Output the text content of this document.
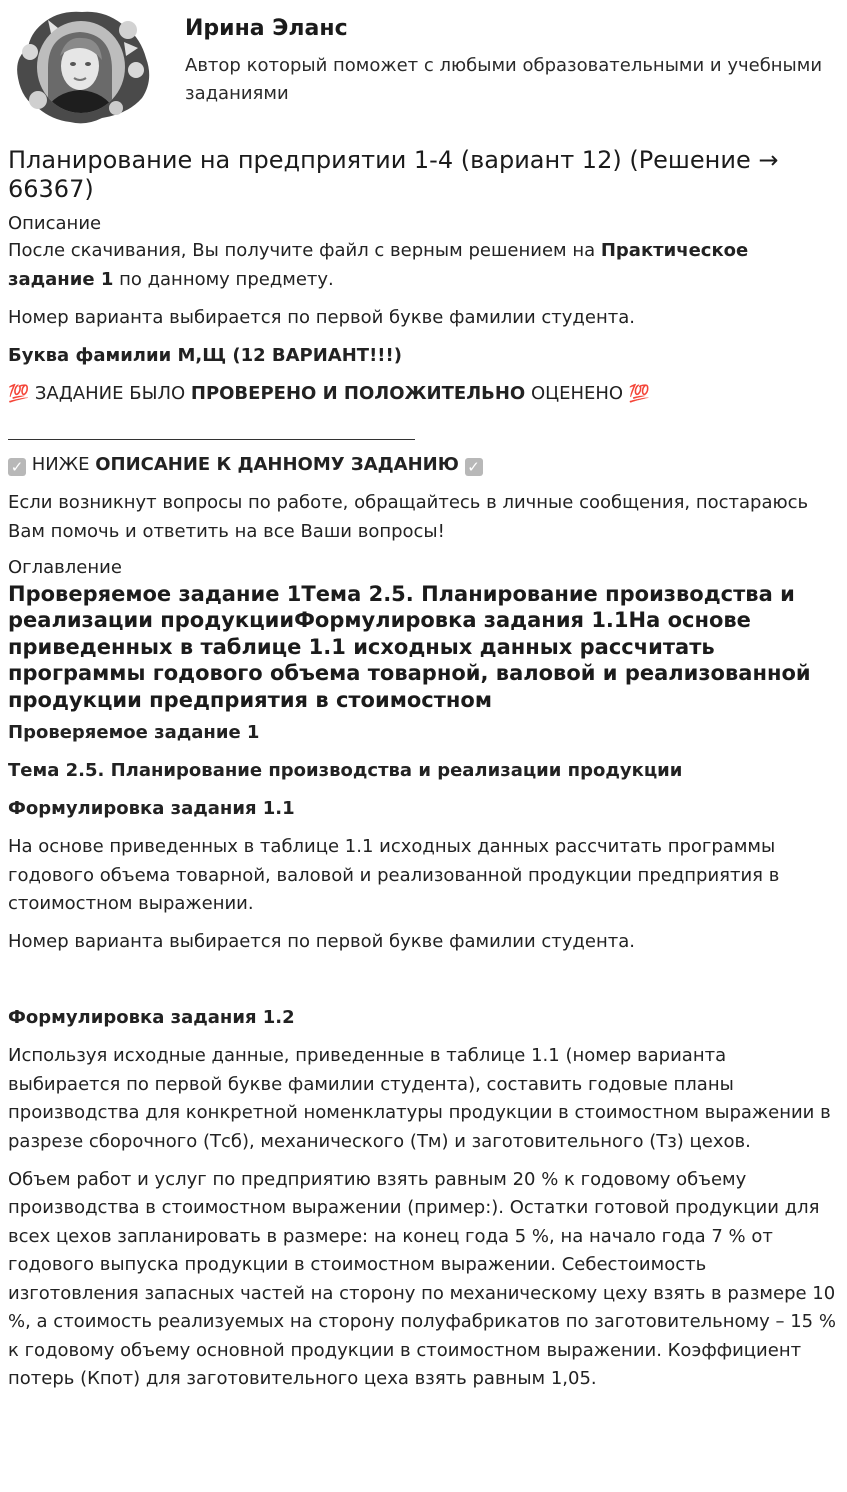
Ирина Эланс

Автор который поможет с любыми образовательными и учебными заданиями

Планирование на предприятии 1-4 (вариант 12) (Решение → 66367)
Описание

После скачивания, Вы получите файл с верным решением на Практическое задание 1 по данному предмету.

Номер варианта выбирается по первой букве фамилии студента.

Буква фамилии М,Щ (12 ВАРИАНТ!!!)

💯 ЗАДАНИЕ БЫЛО ПРОВЕРЕНО И ПОЛОЖИТЕЛЬНО ОЦЕНЕНО 💯

✓ НИЖЕ ОПИСАНИЕ К ДАННОМУ ЗАДАНИЮ ✓

Если возникнут вопросы по работе, обращайтесь в личные сообщения, постараюсь Вам помочь и ответить на все Ваши вопросы!

Оглавление
Проверяемое задание 1Тема 2.5. Планирование производства и реализации продукцииФормулировка задания 1.1На основе приведенных в таблице 1.1 исходных данных рассчитать программы годового объема товарной, валовой и реализованной продукции предприятия в стоимостном

Проверяемое задание 1

Тема 2.5. Планирование производства и реализации продукции

Формулировка задания 1.1

На основе приведенных в таблице 1.1 исходных данных рассчитать программы годового объема товарной, валовой и реализованной продукции предприятия в стоимостном выражении.

Номер варианта выбирается по первой букве фамилии студента.

Формулировка задания 1.2

Используя исходные данные, приведенные в таблице 1.1 (номер варианта выбирается по первой букве фамилии студента), составить годовые планы производства для конкретной номенклатуры продукции в стоимостном выражении в разрезе сборочного (Тсб), механического (Тм) и заготовительного (Тз) цехов.

Объем работ и услуг по предприятию взять равным 20 % к годовому объему производства в стоимостном выражении (пример:). Остатки готовой продукции для всех цехов запланировать в размере: на конец года 5 %, на начало года 7 % от годового выпуска продукции в стоимостном выражении. Себестоимость изготовления запасных частей на сторону по механическому цеху взять в размере 10 %, а стоимость реализуемых на сторону полуфабрикатов по заготовительному – 15 % к годовому объему основной продукции в стоимостном выражении. Коэффициент потерь (Кпот) для заготовительного цеха взять равным 1,05.
